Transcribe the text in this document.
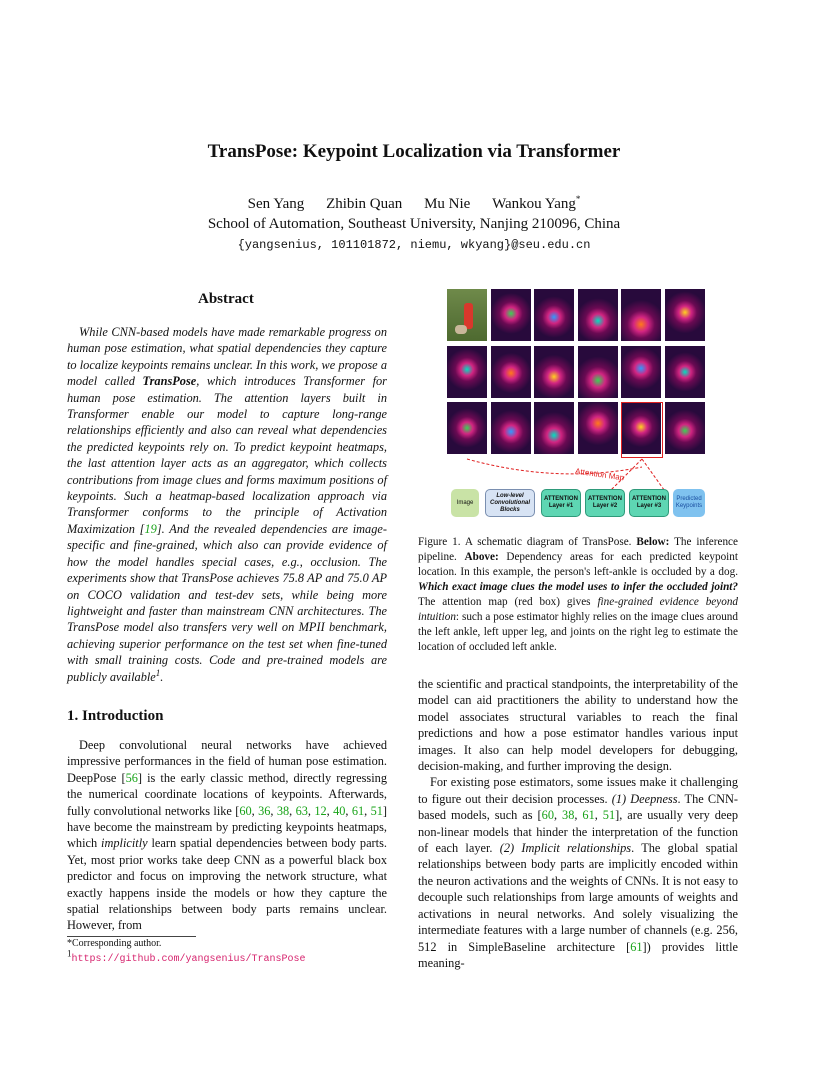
TransPose: Keypoint Localization via Transformer
Sen Yang Zhibin Quan Mu Nie Wankou Yang*
School of Automation, Southeast University, Nanjing 210096, China
{yangsenius, 101101872, niemu, wkyang}@seu.edu.cn
Abstract
While CNN-based models have made remarkable progress on human pose estimation, what spatial dependencies they capture to localize keypoints remains unclear. In this work, we propose a model called TransPose, which introduces Transformer for human pose estimation. The attention layers built in Transformer enable our model to capture long-range relationships efficiently and also can reveal what dependencies the predicted keypoints rely on. To predict keypoint heatmaps, the last attention layer acts as an aggregator, which collects contributions from image clues and forms maximum positions of keypoints. Such a heatmap-based localization approach via Transformer conforms to the principle of Activation Maximization [19]. And the revealed dependencies are image-specific and fine-grained, which also can provide evidence of how the model handles special cases, e.g., occlusion. The experiments show that TransPose achieves 75.8 AP and 75.0 AP on COCO validation and test-dev sets, while being more lightweight and faster than mainstream CNN architectures. The TransPose model also transfers very well on MPII benchmark, achieving superior performance on the test set when fine-tuned with small training costs. Code and pre-trained models are publicly available$^1$.
1. Introduction
Deep convolutional neural networks have achieved impressive performances in the field of human pose estimation. DeepPose [56] is the early classic method, directly regressing the numerical coordinate locations of keypoints. Afterwards, fully convolutional networks like [60, 36, 38, 63, 12, 40, 61, 51] have become the mainstream by predicting keypoints heatmaps, which implicitly learn spatial dependencies between body parts. Yet, most prior works take deep CNN as a powerful black box predictor and focus on improving the network structure, what exactly happens inside the models or how they capture the spatial relationships between body parts remains unclear. However, from
*Corresponding author.
$^1$https://github.com/yangsenius/TransPose
Attention Map
Image
Low-level Convolutional Blocks
ATTENTION Layer #1
ATTENTION Layer #2
ATTENTION Layer #3
Predicted Keypoints
Figure 1. A schematic diagram of TransPose. Below: The inference pipeline. Above: Dependency areas for each predicted keypoint location. In this example, the person's left-ankle is occluded by a dog. Which exact image clues the model uses to infer the occluded joint? The attention map (red box) gives fine-grained evidence beyond intuition: such a pose estimator highly relies on the image clues around the left ankle, left upper leg, and joints on the right leg to estimate the location of occluded left ankle.
the scientific and practical standpoints, the interpretability of the model can aid practitioners the ability to understand how the model associates structural variables to reach the final predictions and how a pose estimator handles various input images. It also can help model developers for debugging, decision-making, and further improving the design.
For existing pose estimators, some issues make it challenging to figure out their decision processes. (1) Deepness. The CNN-based models, such as [60, 38, 61, 51], are usually very deep non-linear models that hinder the interpretation of the function of each layer. (2) Implicit relationships. The global spatial relationships between body parts are implicitly encoded within the neuron activations and the weights of CNNs. It is not easy to decouple such relationships from large amounts of weights and activations in neural networks. And solely visualizing the intermediate features with a large number of channels (e.g. 256, 512 in SimpleBaseline architecture [61]) provides little meaning-
